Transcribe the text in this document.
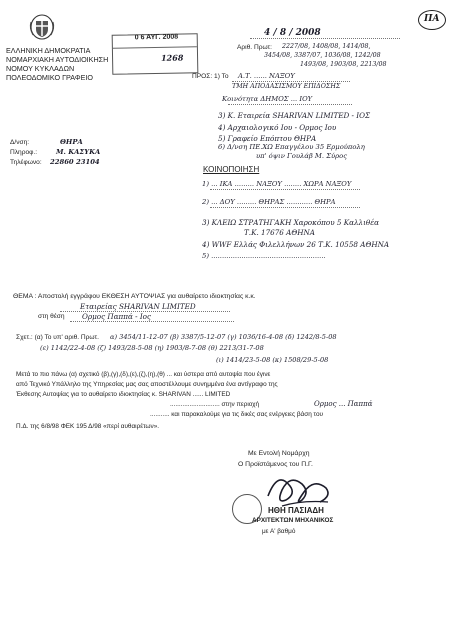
ΠΑ
0 6 ΑΥΓ. 2008
1268
ΕΛΛΗΝΙΚΗ ΔΗΜΟΚΡΑΤΙΑ
ΝΟΜΑΡΧΙΑΚΗ ΑΥΤΟΔΙΟΙΚΗΣΗ
ΝΟΜΟΥ ΚΥΚΛΑΔΩΝ
ΠΟΛΕΟΔΟΜΙΚΟ ΓΡΑΦΕΙΟ
4 / 8 / 2008
Αριθ. Πρωτ: 2227/08, 1408/08, 1414/08,
3454/08, 3387/07, 1036/08, 1242/08
1493/08, 1903/08, 2213/08
ΠΡΟΣ: 1) Το Α.Τ. ...... ΝΑΞΟΥ
ΤΜΗ ΑΠΟΔΑΣΙΣΜΟΥ ΕΠΙΔΟΣΗΣ
Κοινότητα ΔΗΜΟΣ ... ΙΟΥ
3) Κ. Εταιρεία SHARIVAN LIMITED - ΙΟΣ
4) Αρχαιολογικό Ιου - Ορμος Ιου
5) Γραφείο Επόπτου ΘΗΡΑ
6) Δ/νση ΠΕ.ΧΩ Επαγγέλου 35 Ερμούπολη
υπ' όψιν Γουλάβ Μ. Σύρος
Δ/νση:	ΘΗΡΑ
Πληροφ.:	Μ. ΚΑΣΥΚΑ
Τηλέφωνο: 22860 23104
ΚΟΙΝΟΠΟΙΗΣΗ
1) ... ΙΚΑ ......... ΝΑΞΟΥ ........ ΧΩΡΑ ΝΑΞΟΥ
2) ... ΔΟΥ ......... ΘΗΡΑΣ ............ ΘΗΡΑ
3) ΚΛΕΙΩ ΣΤΡΑΤΗΓΑΚΗ Χαροκόπου 5 Καλλιθέα
Τ.Κ. 17676 ΑΘΗΝΑ
4) WWF Ελλάς Φιλελλήνων 26 Τ.Κ. 10558 ΑΘΗΝΑ
5) .....................................................
ΘΕΜΑ : Αποστολή εγγράφου ΕΚΘΕΣΗ ΑΥΤΟΨΙΑΣ για αυθαίρετο ιδιοκτησίας κ.κ.
Εταιρείας SHARIVAN LIMITED
στη θέση Ορμος Παππά - Ιος
Σχετ.: (α) Το υπ' αριθ. Πρωτ. α) 3454/11-12-07 (β) 3387/5-12-07 (γ) 1036/16-4-08 (δ) 1242/8-5-08
(ε) 1142/22-4-08 (ζ) 1493/28-5-08 (η) 1903/8-7-08 (θ) 2213/31-7-08
(ι) 1414/23-5-08 (κ) 1508/29-5-08
Μετά το πιο πάνω (α) σχετικό (β),(γ),(δ),(ε),(ζ),(η),(θ) ... και ύστερα από αυτοψία που έγινε
από Τεχνικό Υπάλληλο της Υπηρεσίας μας σας αποστέλλουμε συνημμένα ένα αντίγραφο της
Έκθεσης Αυτοψίας για το αυθαίρετο ιδιοκτησίας κ. SHARIVAN ...... LIMITED
............................ στην περιοχή	Ορμος ... Παππά
........... και παρακαλούμε για τις δικές σας ενέργειες βάση του
Π.Δ. της 6/8/98 ΦΕΚ 195 Δ/98 «περί αυθαιρέτων».
Με Εντολή Νομάρχη
Ο Προϊστάμενος του Π.Γ.
ΗΘΗ ΠΑΣΙΑΔΗ
ΑΡΧΙΤΕΚΤΩΝ ΜΗΧΑΝΙΚΟΣ
με Α' βαθμό
